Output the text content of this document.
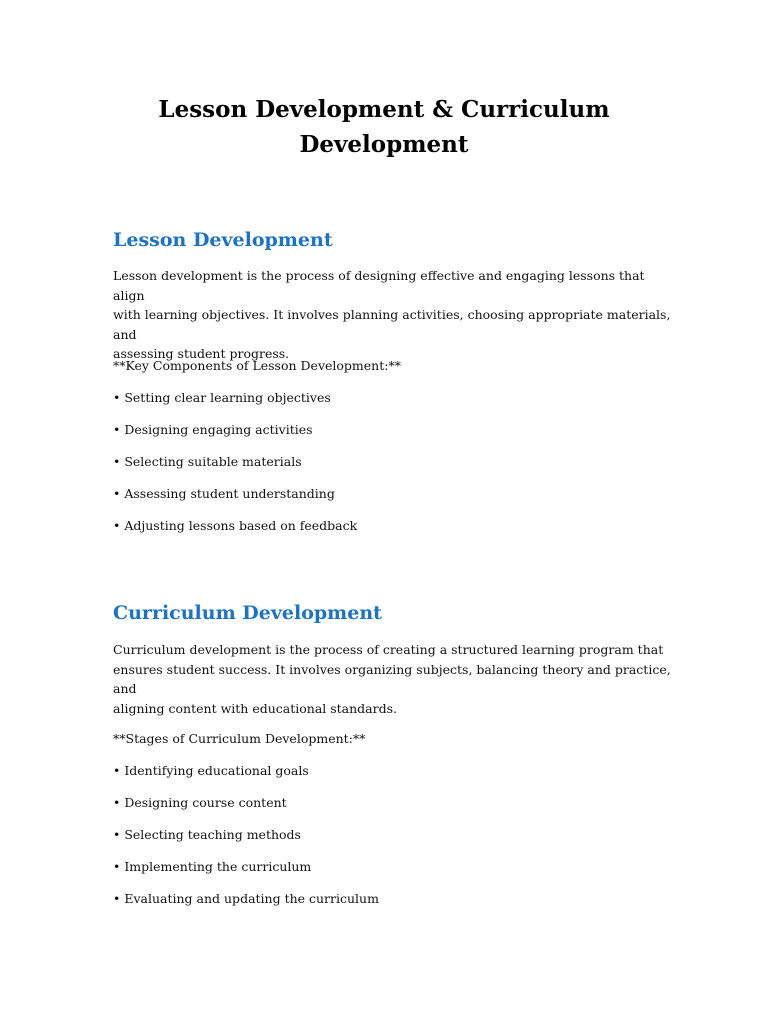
Lesson Development & Curriculum
Development
Lesson Development
Lesson development is the process of designing effective and engaging lessons that align
with learning objectives. It involves planning activities, choosing appropriate materials, and
assessing student progress.

**Key Components of Lesson Development:**

• Setting clear learning objectives

• Designing engaging activities

• Selecting suitable materials

• Assessing student understanding

• Adjusting lessons based on feedback

Curriculum Development
Curriculum development is the process of creating a structured learning program that
ensures student success. It involves organizing subjects, balancing theory and practice, and
aligning content with educational standards.

**Stages of Curriculum Development:**

• Identifying educational goals

• Designing course content

• Selecting teaching methods

• Implementing the curriculum

• Evaluating and updating the curriculum
